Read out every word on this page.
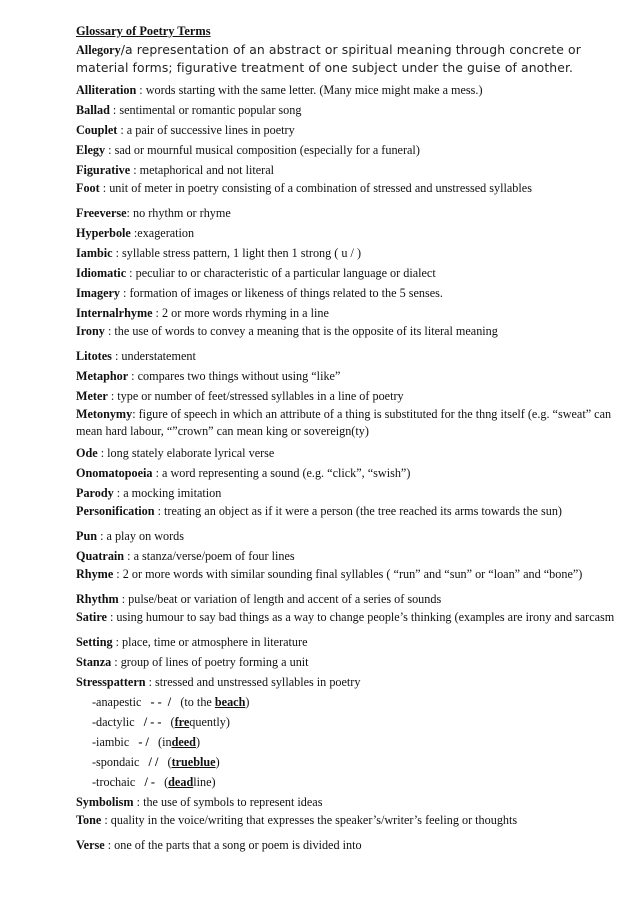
Glossary of Poetry Terms

Allegory/a representation of an abstract or spiritual meaning through concrete or material forms; figurative treatment of one subject under the guise of another.

Alliteration : words starting with the same letter. (Many mice might make a mess.)

Ballad : sentimental or romantic popular song

Couplet : a pair of successive lines in poetry

Elegy : sad or mournful musical composition (especially for a funeral)

Figurative : metaphorical and not literal

Foot : unit of meter in poetry consisting of a combination of stressed and unstressed syllables

Freeverse: no rhythm or rhyme

Hyperbole :exageration

Iambic : syllable stress pattern, 1 light then 1 strong ( u / )

Idiomatic : peculiar to or characteristic of a particular language or dialect

Imagery : formation of images or likeness of things related to the 5 senses.

Internalrhyme : 2 or more words rhyming in a line

Irony : the use of words to convey a meaning that is the opposite of its literal meaning

Litotes : understatement

Metaphor : compares two things without using “like”

Meter : type or number of feet/stressed syllables in a line of poetry

Metonymy: figure of speech in which an attribute of a thing is substituted for the thng itself (e.g. “sweat” can mean hard labour, “”crown” can mean king or sovereign(ty)

Ode : long stately elaborate lyrical verse

Onomatopoeia : a word representing a sound (e.g. “click”, “swish”)

Parody : a mocking imitation

Personification : treating an object as if it were a person (the tree reached its arms towards the sun)

Pun : a play on words

Quatrain : a stanza/verse/poem of four lines

Rhyme : 2 or more words with similar sounding final syllables ( “run” and “sun” or “loan” and “bone”)

Rhythm : pulse/beat or variation of length and accent of a series of sounds

Satire : using humour to say bad things as a way to change people’s thinking (examples are irony and sarcasm

Setting : place, time or atmosphere in literature

Stanza : group of lines of poetry forming a unit

Stresspattern : stressed and unstressed syllables in poetry

-anapestic - -  / (to the beach)

-dactylic / - - (frequently)

-iambic - / (indeed)

-spondaic / / (trueblue)

-trochaic / - (deadline)

Symbolism : the use of symbols to represent ideas

Tone : quality in the voice/writing that expresses the speaker’s/writer’s feeling or thoughts

Verse : one of the parts that a song or poem is divided into
